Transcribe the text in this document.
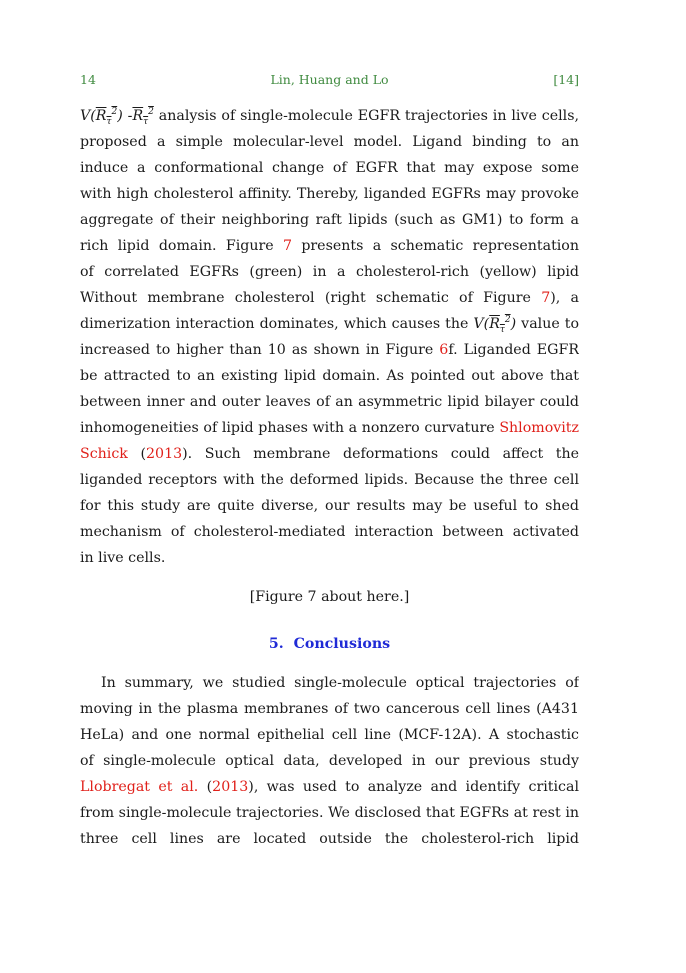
14	Lin, Huang and Lo	[14]
$V(R_\tau^2)$ $-R_\tau^2$ analysis of single-molecule EGFR trajectories in live cells,
proposed a simple molecular-level model. Ligand binding to an
induce a conformational change of EGFR that may expose some
with high cholesterol affinity. Thereby, liganded EGFRs may provoke
aggregate of their neighboring raft lipids (such as GM1) to form a
rich lipid domain. Figure 7 presents a schematic representation
of correlated EGFRs (green) in a cholesterol-rich (yellow) lipid
Without membrane cholesterol (right schematic of Figure 7), a
dimerization interaction dominates, which causes the $V(R_\tau^2)$ value to
increased to higher than 10 as shown in Figure 6f. Liganded EGFR
be attracted to an existing lipid domain. As pointed out above that
between inner and outer leaves of an asymmetric lipid bilayer could
inhomogeneities of lipid phases with a nonzero curvature Shlomovitz
Schick (2013). Such membrane deformations could affect the
liganded receptors with the deformed lipids. Because the three cell
for this study are quite diverse, our results may be useful to shed
mechanism of cholesterol-mediated interaction between activated
in live cells.
[Figure 7 about here.]
5. Conclusions
In summary, we studied single-molecule optical trajectories of
moving in the plasma membranes of two cancerous cell lines (A431
HeLa) and one normal epithelial cell line (MCF-12A). A stochastic
of single-molecule optical data, developed in our previous study
Llobregat et al. (2013), was used to analyze and identify critical
from single-molecule trajectories. We disclosed that EGFRs at rest in
three cell lines are located outside the cholesterol-rich lipid
